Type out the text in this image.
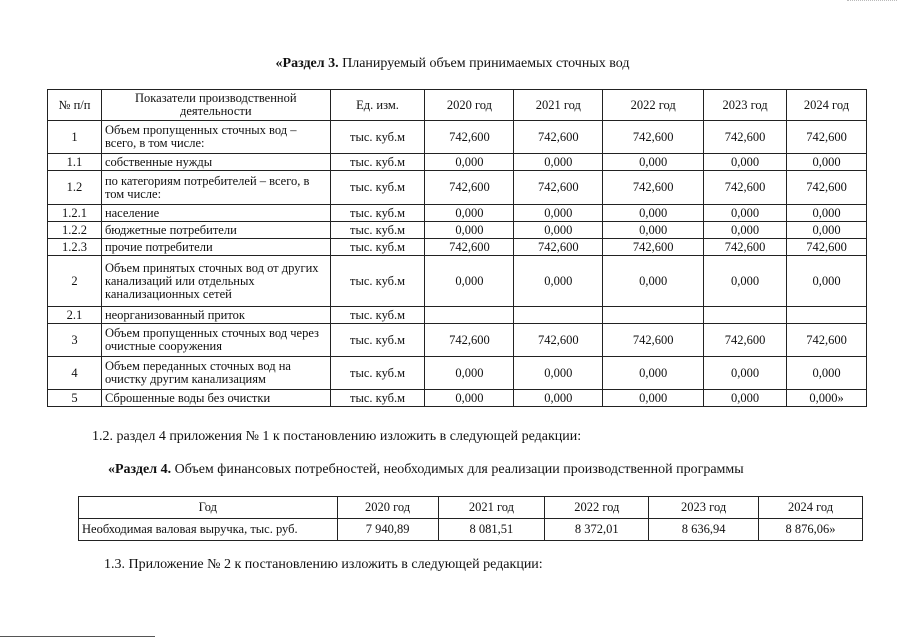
«Раздел 3. Планируемый объем принимаемых сточных вод
№ п/п	Показатели производственной деятельности	Ед. изм.	2020 год	2021 год	2022 год	2023 год	2024 год
1	Объем пропущенных сточных вод – всего, в том числе:	тыс. куб.м	742,600	742,600	742,600	742,600	742,600
1.1	собственные нужды	тыс. куб.м	0,000	0,000	0,000	0,000	0,000
1.2	по категориям потребителей – всего, в том числе:	тыс. куб.м	742,600	742,600	742,600	742,600	742,600
1.2.1	население	тыс. куб.м	0,000	0,000	0,000	0,000	0,000
1.2.2	бюджетные потребители	тыс. куб.м	0,000	0,000	0,000	0,000	0,000
1.2.3	прочие потребители	тыс. куб.м	742,600	742,600	742,600	742,600	742,600
2	Объем принятых сточных вод от других канализаций или отдельных канализационных сетей	тыс. куб.м	0,000	0,000	0,000	0,000	0,000
2.1	неорганизованный приток	тыс. куб.м					
3	Объем пропущенных сточных вод через очистные сооружения	тыс. куб.м	742,600	742,600	742,600	742,600	742,600
4	Объем переданных сточных вод на очистку другим канализациям	тыс. куб.м	0,000	0,000	0,000	0,000	0,000
5	Сброшенные воды без очистки	тыс. куб.м	0,000	0,000	0,000	0,000	0,000»
1.2. раздел 4 приложения № 1 к постановлению изложить в следующей редакции:
«Раздел 4. Объем финансовых потребностей, необходимых для реализации производственной программы
Год	2020 год	2021 год	2022 год	2023 год	2024 год
Необходимая валовая выручка, тыс. руб.	7 940,89	8 081,51	8 372,01	8 636,94	8 876,06»
1.3. Приложение № 2 к постановлению изложить в следующей редакции:
